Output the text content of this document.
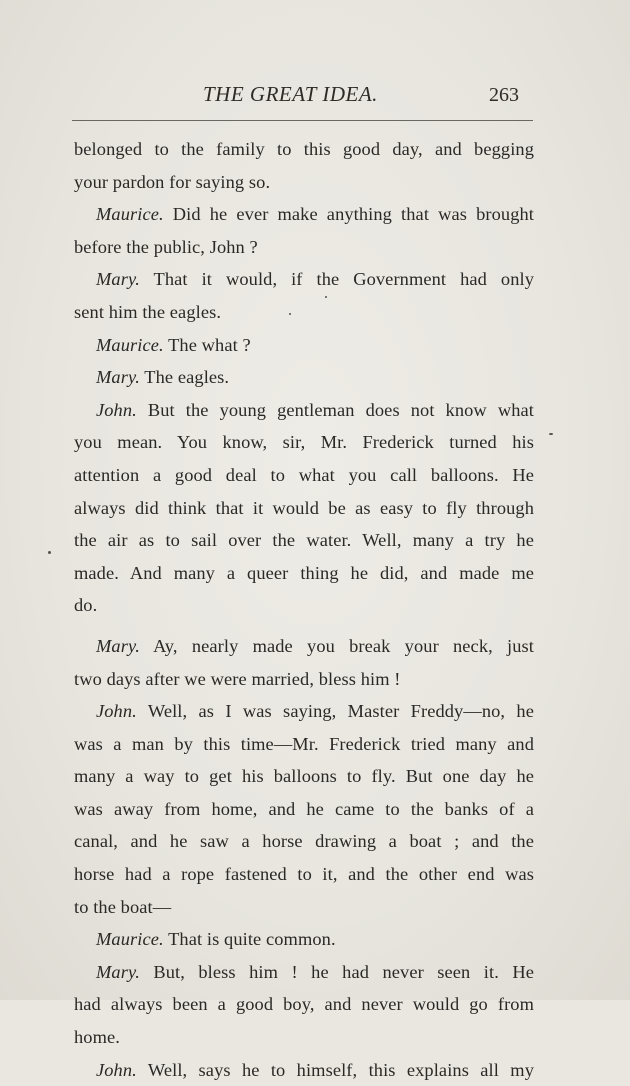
THE GREAT IDEA.	263
belonged to the family to this good day, and begging
your pardon for saying so.
Maurice. Did he ever make anything that was brought
before the public, John ?
Mary. That it would, if the Government had only
sent him the eagles.
Maurice. The what ?
Mary. The eagles.
John. But the young gentleman does not know what
you mean. You know, sir, Mr. Frederick turned his
attention a good deal to what you call balloons. He
always did think that it would be as easy to fly through
the air as to sail over the water. Well, many a try he
made. And many a queer thing he did, and made me
do.
Mary. Ay, nearly made you break your neck, just
two days after we were married, bless him !
John. Well, as I was saying, Master Freddy—no, he
was a man by this time—Mr. Frederick tried many and
many a way to get his balloons to fly. But one day he
was away from home, and he came to the banks of a
canal, and he saw a horse drawing a boat ; and the
horse had a rope fastened to it, and the other end was
to the boat—
Maurice. That is quite common.
Mary. But, bless him ! he had never seen it. He
had always been a good boy, and never would go from
home.
John. Well, says he to himself, this explains all my
